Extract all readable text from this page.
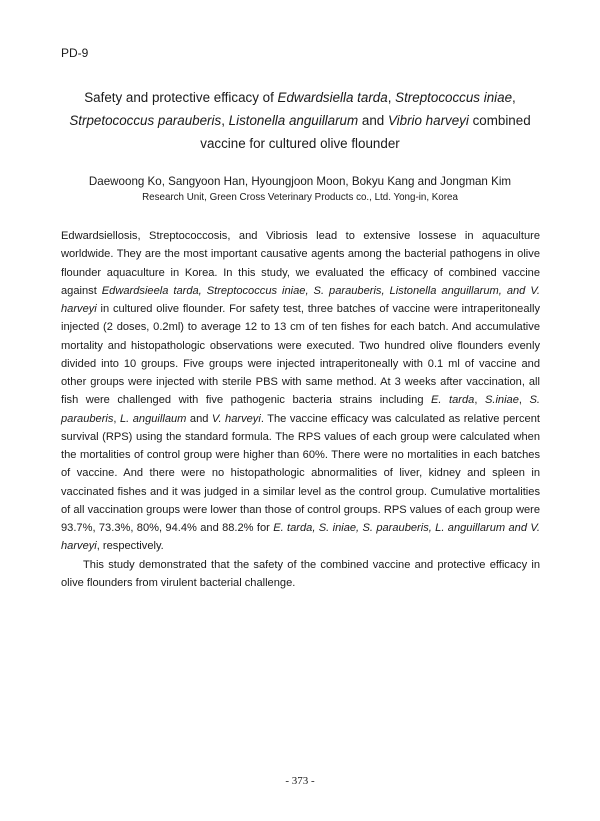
PD-9
Safety and protective efficacy of Edwardsiella tarda, Streptococcus iniae, Strpetococcus parauberis, Listonella anguillarum and Vibrio harveyi combined vaccine for cultured olive flounder
Daewoong Ko, Sangyoon Han, Hyoungjoon Moon, Bokyu Kang and Jongman Kim
Research Unit, Green Cross Veterinary Products co., Ltd. Yong-in, Korea

Edwardsiellosis, Streptococcosis, and Vibriosis lead to extensive lossese in aquaculture worldwide. They are the most important causative agents among the bacterial pathogens in olive flounder aquaculture in Korea. In this study, we evaluated the efficacy of combined vaccine against Edwardsieela tarda, Streptococcus iniae, S. parauberis, Listonella anguillarum, and V. harveyi in cultured olive flounder. For safety test, three batches of vaccine were intraperitoneally injected (2 doses, 0.2ml) to average 12 to 13 cm of ten fishes for each batch. And accumulative mortality and histopathologic observations were executed. Two hundred olive flounders evenly divided into 10 groups. Five groups were injected intraperitoneally with 0.1 ml of vaccine and other groups were injected with sterile PBS with same method. At 3 weeks after vaccination, all fish were challenged with five pathogenic bacteria strains including E. tarda, S.iniae, S. parauberis, L. anguillaum and V. harveyi. The vaccine efficacy was calculated as relative percent survival (RPS) using the standard formula. The RPS values of each group were calculated when the mortalities of control group were higher than 60%. There were no mortalities in each batches of vaccine. And there were no histopathologic abnormalities of liver, kidney and spleen in vaccinated fishes and it was judged in a similar level as the control group. Cumulative mortalities of all vaccination groups were lower than those of control groups. RPS values of each group were 93.7%, 73.3%, 80%, 94.4% and 88.2% for E. tarda, S. iniae, S. parauberis, L. anguillarum and V. harveyi, respectively.

This study demonstrated that the safety of the combined vaccine and protective efficacy in olive flounders from virulent bacterial challenge.

- 373 -
